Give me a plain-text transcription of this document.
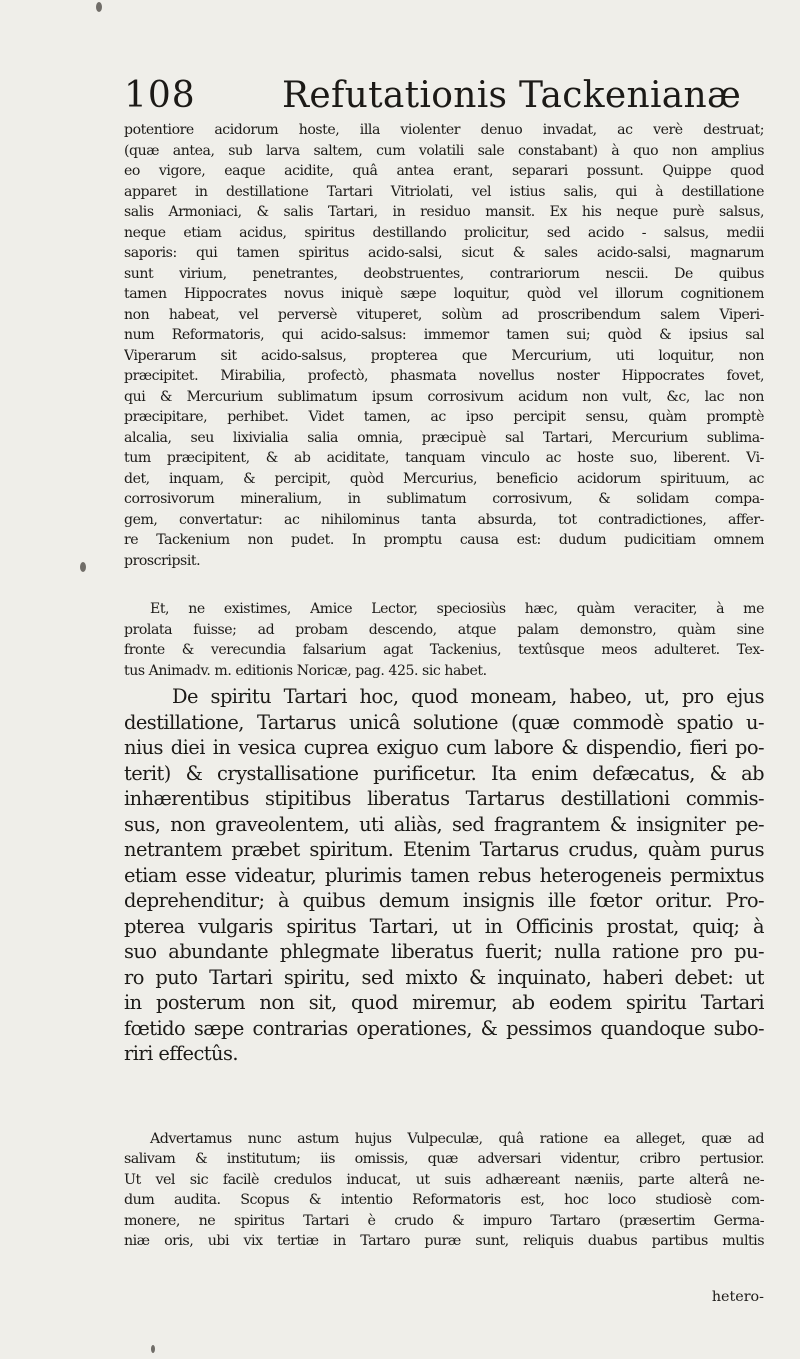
108 Refutationis Tackenianæ
potentiore acidorum hoste, illa violenter denuo invadat, ac verè destruat;
(quæ antea, sub larva saltem, cum volatili sale constabant) à quo non amplius
eo vigore, eaque acidite, quâ antea erant, separari possunt. Quippe quod
apparet in destillatione Tartari Vitriolati, vel istius salis, qui à destillatione
salis Armoniaci, & salis Tartari, in residuo mansit. Ex his neque purè salsus,
neque etiam acidus, spiritus destillando prolicitur, sed acido - salsus, medii
saporis: qui tamen spiritus acido-salsi, sicut & sales acido-salsi, magnarum
sunt virium, penetrantes, deobstruentes, contrariorum nescii. De quibus
tamen Hippocrates novus iniquè sæpe loquitur, quòd vel illorum cognitionem
non habeat, vel perversè vituperet, solùm ad proscribendum salem Viperi-
num Reformatoris, qui acido-salsus: immemor tamen sui; quòd & ipsius sal
Viperarum sit acido-salsus, propterea que Mercurium, uti loquitur, non
præcipitet. Mirabilia, profectò, phasmata novellus noster Hippocrates fovet,
qui & Mercurium sublimatum ipsum corrosivum acidum non vult, &c, lac non
præcipitare, perhibet. Videt tamen, ac ipso percipit sensu, quàm promptè
alcalia, seu lixivialia salia omnia, præcipuè sal Tartari, Mercurium sublima-
tum præcipitent, & ab aciditate, tanquam vinculo ac hoste suo, liberent. Vi-
det, inquam, & percipit, quòd Mercurius, beneficio acidorum spirituum, ac
corrosivorum mineralium, in sublimatum corrosivum, & solidam compa-
gem, convertatur: ac nihilominus tanta absurda, tot contradictiones, affer-
re Tackenium non pudet. In promptu causa est: dudum pudicitiam omnem
proscripsit.
Et, ne existimes, Amice Lector, speciosiùs hæc, quàm veraciter, à me
prolata fuisse; ad probam descendo, atque palam demonstro, quàm sine
fronte & verecundia falsarium agat Tackenius, textûsque meos adulteret. Tex-
tus Animadv. m. editionis Noricæ, pag. 425. sic habet.
De spiritu Tartari hoc, quod moneam, habeo, ut, pro ejus
destillatione, Tartarus unicâ solutione (quæ commodè spatio u-
nius diei in vesica cuprea exiguo cum labore & dispendio, fieri po-
terit) & crystallisatione purificetur. Ita enim defæcatus, & ab
inhærentibus stipitibus liberatus Tartarus destillationi commis-
sus, non graveolentem, uti aliàs, sed fragrantem & insigniter pe-
netrantem præbet spiritum. Etenim Tartarus crudus, quàm purus
etiam esse videatur, plurimis tamen rebus heterogeneis permixtus
deprehenditur; à quibus demum insignis ille fœtor oritur. Pro-
pterea vulgaris spiritus Tartari, ut in Officinis prostat, quiq; à
suo abundante phlegmate liberatus fuerit; nulla ratione pro pu-
ro puto Tartari spiritu, sed mixto & inquinato, haberi debet: ut
in posterum non sit, quod miremur, ab eodem spiritu Tartari
fœtido sæpe contrarias operationes, & pessimos quandoque subo-
riri effectûs.
Advertamus nunc astum hujus Vulpeculæ, quâ ratione ea alleget, quæ ad
salivam & institutum; iis omissis, quæ adversari videntur, cribro pertusior.
Ut vel sic facilè credulos inducat, ut suis adhæreant næniis, parte alterâ ne-
dum audita. Scopus & intentio Reformatoris est, hoc loco studiosè com-
monere, ne spiritus Tartari è crudo & impuro Tartaro (præsertim Germa-
niæ oris, ubi vix tertiæ in Tartaro puræ sunt, reliquis duabus partibus multis
hetero-
